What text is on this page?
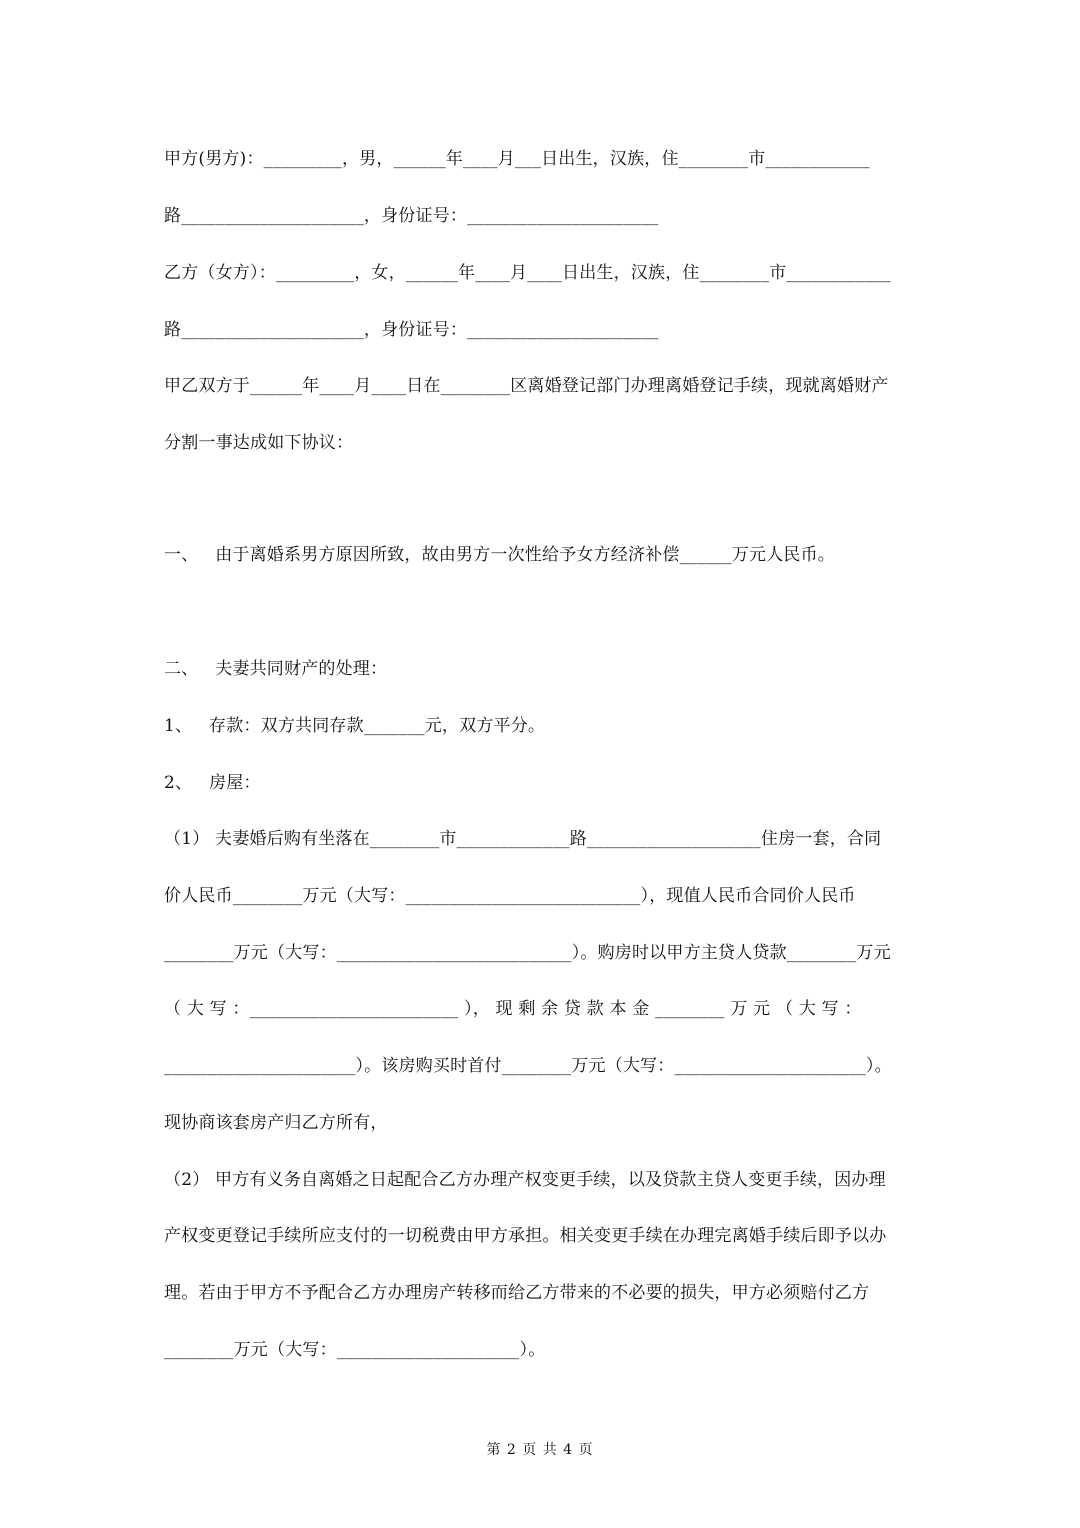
甲方(男方)：_________，男，______年____月___日出生，汉族，住________市____________
路_____________________，身份证号：______________________
乙方（女方）：_________，女，______年____月____日出生，汉族，住________市____________
路_____________________，身份证号：______________________
甲乙双方于______年____月____日在________区离婚登记部门办理离婚登记手续，现就离婚财产
分割一事达成如下协议：
一、   由于离婚系男方原因所致，故由男方一次性给予女方经济补偿______万元人民币。
二、   夫妻共同财产的处理：
1、   存款：双方共同存款_______元，双方平分。
2、   房屋：
（1） 夫妻婚后购有坐落在________市_____________路____________________住房一套，合同
价人民币________万元（大写：___________________________），现值人民币合同价人民币
________万元（大写：___________________________）。购房时以甲方主贷人贷款________万元
（ 大 写 ：________________________ ）， 现 剩 余 贷 款 本 金 ________ 万 元 （ 大 写 ：
______________________）。该房购买时首付________万元（大写：______________________）。
现协商该套房产归乙方所有，
（2） 甲方有义务自离婚之日起配合乙方办理产权变更手续，以及贷款主贷人变更手续，因办理
产权变更登记手续所应支付的一切税费由甲方承担。相关变更手续在办理完离婚手续后即予以办
理。若由于甲方不予配合乙方办理房产转移而给乙方带来的不必要的损失，甲方必须赔付乙方
________万元（大写：_____________________）。
第 2 页 共 4 页
